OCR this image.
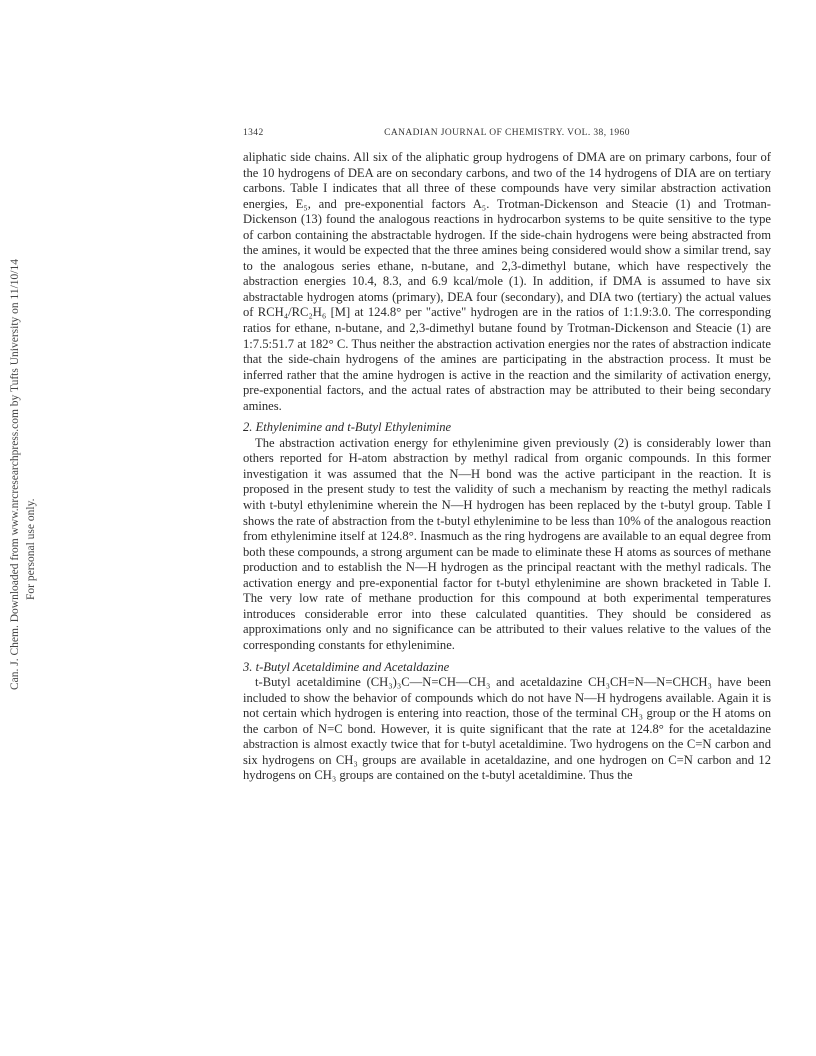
Can. J. Chem. Downloaded from www.nrcresearchpress.com by Tufts University on 11/10/14 For personal use only.
1342	CANADIAN JOURNAL OF CHEMISTRY. VOL. 38, 1960

aliphatic side chains. All six of the aliphatic group hydrogens of DMA are on primary carbons, four of the 10 hydrogens of DEA are on secondary carbons, and two of the 14 hydrogens of DIA are on tertiary carbons. Table I indicates that all three of these compounds have very similar abstraction activation energies, E₅, and pre-exponential factors A₅. Trotman-Dickenson and Steacie (1) and Trotman-Dickenson (13) found the analogous reactions in hydrocarbon systems to be quite sensitive to the type of carbon containing the abstractable hydrogen. If the side-chain hydrogens were being abstracted from the amines, it would be expected that the three amines being considered would show a similar trend, say to the analogous series ethane, n-butane, and 2,3-dimethyl butane, which have respectively the abstraction energies 10.4, 8.3, and 6.9 kcal/mole (1). In addition, if DMA is assumed to have six abstractable hydrogen atoms (primary), DEA four (secondary), and DIA two (tertiary) the actual values of RCH₄/RC₂H₆ [M] at 124.8° per "active" hydrogen are in the ratios of 1:1.9:3.0. The corresponding ratios for ethane, n-butane, and 2,3-dimethyl butane found by Trotman-Dickenson and Steacie (1) are 1:7.5:51.7 at 182° C. Thus neither the abstraction activation energies nor the rates of abstraction indicate that the side-chain hydrogens of the amines are participating in the abstraction process. It must be inferred rather that the amine hydrogen is active in the reaction and the similarity of activation energy, pre-exponential factors, and the actual rates of abstraction may be attributed to their being secondary amines.

2. Ethylenimine and t-Butyl Ethylenimine

The abstraction activation energy for ethylenimine given previously (2) is considerably lower than others reported for H-atom abstraction by methyl radical from organic compounds. In this former investigation it was assumed that the N—H bond was the active participant in the reaction. It is proposed in the present study to test the validity of such a mechanism by reacting the methyl radicals with t-butyl ethylenimine wherein the N—H hydrogen has been replaced by the t-butyl group. Table I shows the rate of abstraction from the t-butyl ethylenimine to be less than 10% of the analogous reaction from ethylenimine itself at 124.8°. Inasmuch as the ring hydrogens are available to an equal degree from both these compounds, a strong argument can be made to eliminate these H atoms as sources of methane production and to establish the N—H hydrogen as the principal reactant with the methyl radicals. The activation energy and pre-exponential factor for t-butyl ethylenimine are shown bracketed in Table I. The very low rate of methane production for this compound at both experimental temperatures introduces considerable error into these calculated quantities. They should be considered as approximations only and no significance can be attributed to their values relative to the values of the corresponding constants for ethylenimine.

3. t-Butyl Acetaldimine and Acetaldazine

t-Butyl acetaldimine (CH₃)₃C—N=CH—CH₃ and acetaldazine CH₃CH=N—N=CHCH₃ have been included to show the behavior of compounds which do not have N—H hydrogens available. Again it is not certain which hydrogen is entering into reaction, those of the terminal CH₃ group or the H atoms on the carbon of N=C bond. However, it is quite significant that the rate at 124.8° for the acetaldazine abstraction is almost exactly twice that for t-butyl acetaldimine. Two hydrogens on the C=N carbon and six hydrogens on CH₃ groups are available in acetaldazine, and one hydrogen on C=N carbon and 12 hydrogens on CH₃ groups are contained on the t-butyl acetaldimine. Thus the
